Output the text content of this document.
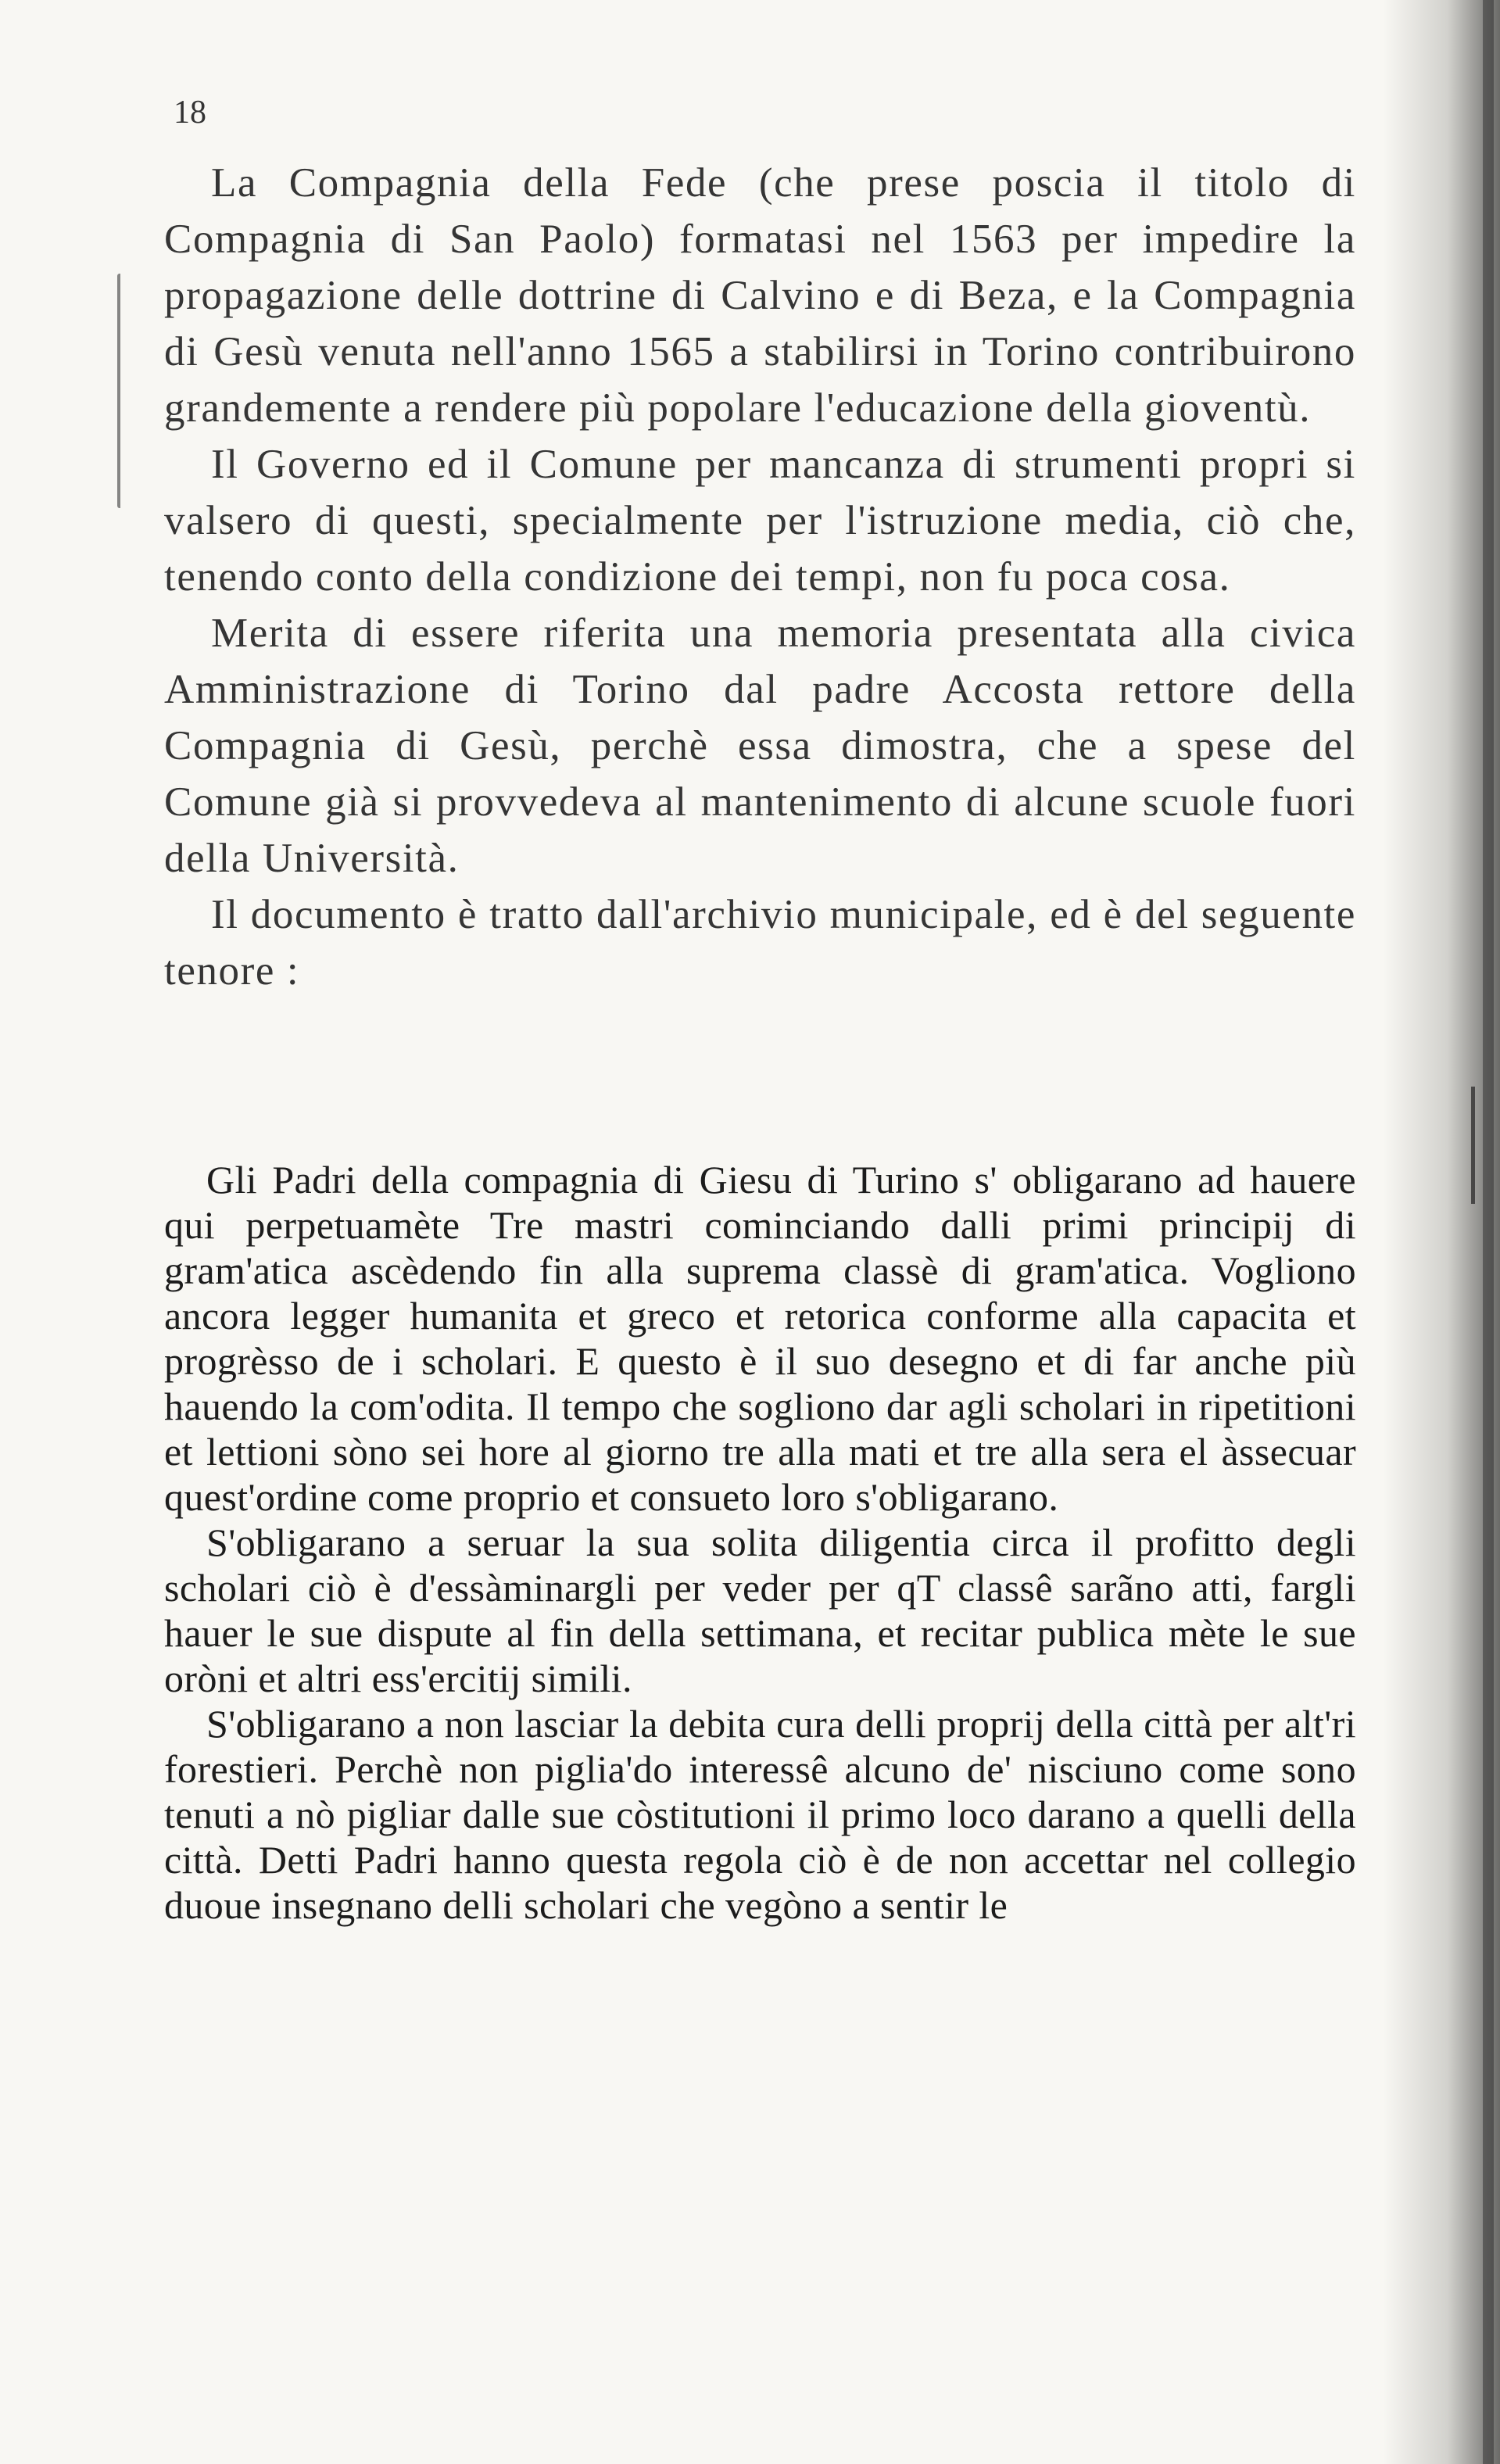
18

La Compagnia della Fede (che prese poscia il titolo di Compagnia di San Paolo) formatasi nel 1563 per impedire la propagazione delle dottrine di Calvino e di Beza, e la Compagnia di Gesù venuta nell'anno 1565 a stabilirsi in Torino contribuirono grandemente a rendere più popolare l'educazione della gioventù.

Il Governo ed il Comune per mancanza di strumenti propri si valsero di questi, specialmente per l'istruzione media, ciò che, tenendo conto della condizione dei tempi, non fu poca cosa.

Merita di essere riferita una memoria presentata alla civica Amministrazione di Torino dal padre Accosta rettore della Compagnia di Gesù, perchè essa dimostra, che a spese del Comune già si provvedeva al mantenimento di alcune scuole fuori della Università.

Il documento è tratto dall'archivio municipale, ed è del seguente tenore :

Gli Padri della compagnia di Giesu di Turino s' obligarano ad hauere qui perpetuamète Tre mastri cominciando dalli primi principij di gram'atica ascèdendo fin alla suprema classè di gram'atica. Vogliono ancora legger humanita et greco et retorica conforme alla capacita et progrèsso de i scholari. E questo è il suo desegno et di far anche più hauendo la com'odita. Il tempo che sogliono dar agli scholari in ripetitioni et lettioni sòno sei hore al giorno tre alla mati et tre alla sera el àssecuar quest'ordine come proprio et consueto loro s'obligarano.

S'obligarano a seruar la sua solita diligentia circa il profitto degli scholari ciò è d'essàminargli per veder per qT classê sarãno atti, fargli hauer le sue dispute al fin della settimana, et recitar publica mète le sue oròni et altri ess'ercitij simili.

S'obligarano a non lasciar la debita cura delli proprij della città per alt'ri forestieri. Perchè non piglia'do interessê alcuno de' nisciuno come sono tenuti a nò pigliar dalle sue còstitutioni il primo loco darano a quelli della città. Detti Padri hanno questa regola ciò è de non accettar nel collegio duoue insegnano delli scholari che vegòno a sentir le
